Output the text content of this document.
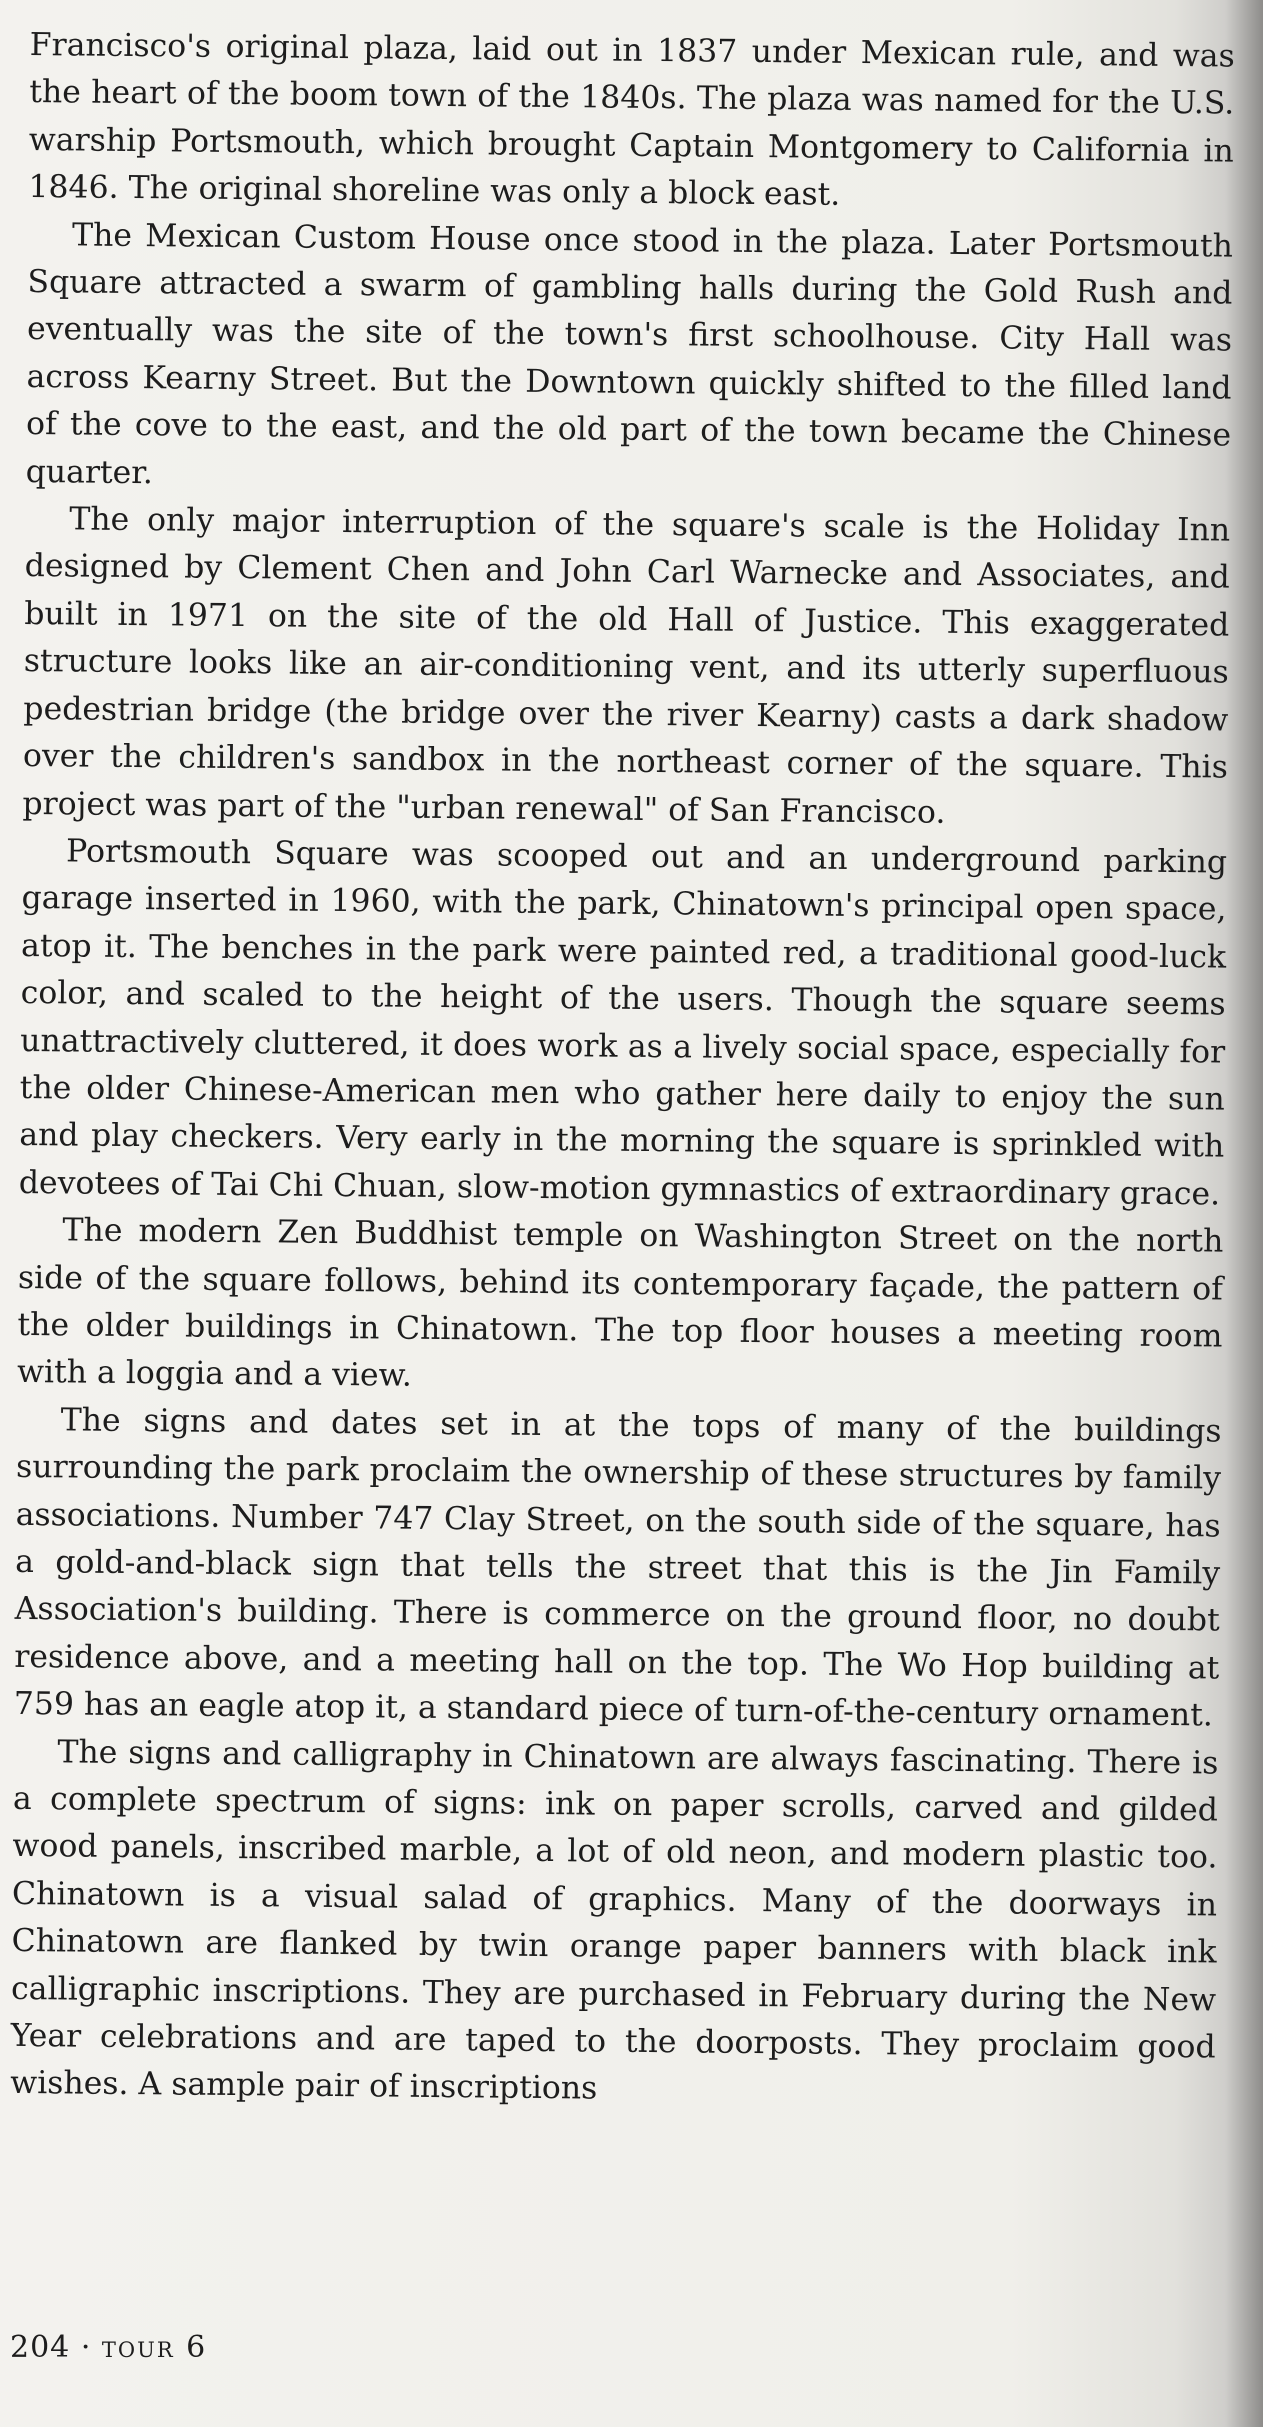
Francisco's original plaza, laid out in 1837 under Mexican rule, and was the heart of the boom town of the 1840s. The plaza was named for the U.S. warship Portsmouth, which brought Captain Montgomery to California in 1846. The original shoreline was only a block east.

The Mexican Custom House once stood in the plaza. Later Portsmouth Square attracted a swarm of gambling halls during the Gold Rush and eventually was the site of the town's first schoolhouse. City Hall was across Kearny Street. But the Downtown quickly shifted to the filled land of the cove to the east, and the old part of the town became the Chinese quarter.

The only major interruption of the square's scale is the Holiday Inn designed by Clement Chen and John Carl Warnecke and Associates, and built in 1971 on the site of the old Hall of Justice. This exaggerated structure looks like an air-conditioning vent, and its utterly superfluous pedestrian bridge (the bridge over the river Kearny) casts a dark shadow over the children's sandbox in the northeast corner of the square. This project was part of the "urban renewal" of San Francisco.

Portsmouth Square was scooped out and an underground parking garage inserted in 1960, with the park, Chinatown's principal open space, atop it. The benches in the park were painted red, a traditional good-luck color, and scaled to the height of the users. Though the square seems unattractively cluttered, it does work as a lively social space, especially for the older Chinese-American men who gather here daily to enjoy the sun and play checkers. Very early in the morning the square is sprinkled with devotees of Tai Chi Chuan, slow-motion gymnastics of extraordinary grace.

The modern Zen Buddhist temple on Washington Street on the north side of the square follows, behind its contemporary façade, the pattern of the older buildings in Chinatown. The top floor houses a meeting room with a loggia and a view.

The signs and dates set in at the tops of many of the buildings surrounding the park proclaim the ownership of these structures by family associations. Number 747 Clay Street, on the south side of the square, has a gold-and-black sign that tells the street that this is the Jin Family Association's building. There is commerce on the ground floor, no doubt residence above, and a meeting hall on the top. The Wo Hop building at 759 has an eagle atop it, a standard piece of turn-of-the-century ornament.

The signs and calligraphy in Chinatown are always fascinating. There is a complete spectrum of signs: ink on paper scrolls, carved and gilded wood panels, inscribed marble, a lot of old neon, and modern plastic too. Chinatown is a visual salad of graphics. Many of the doorways in Chinatown are flanked by twin orange paper banners with black ink calligraphic inscriptions. They are purchased in February during the New Year celebrations and are taped to the doorposts. They proclaim good wishes. A sample pair of inscriptions

204 · tour 6
